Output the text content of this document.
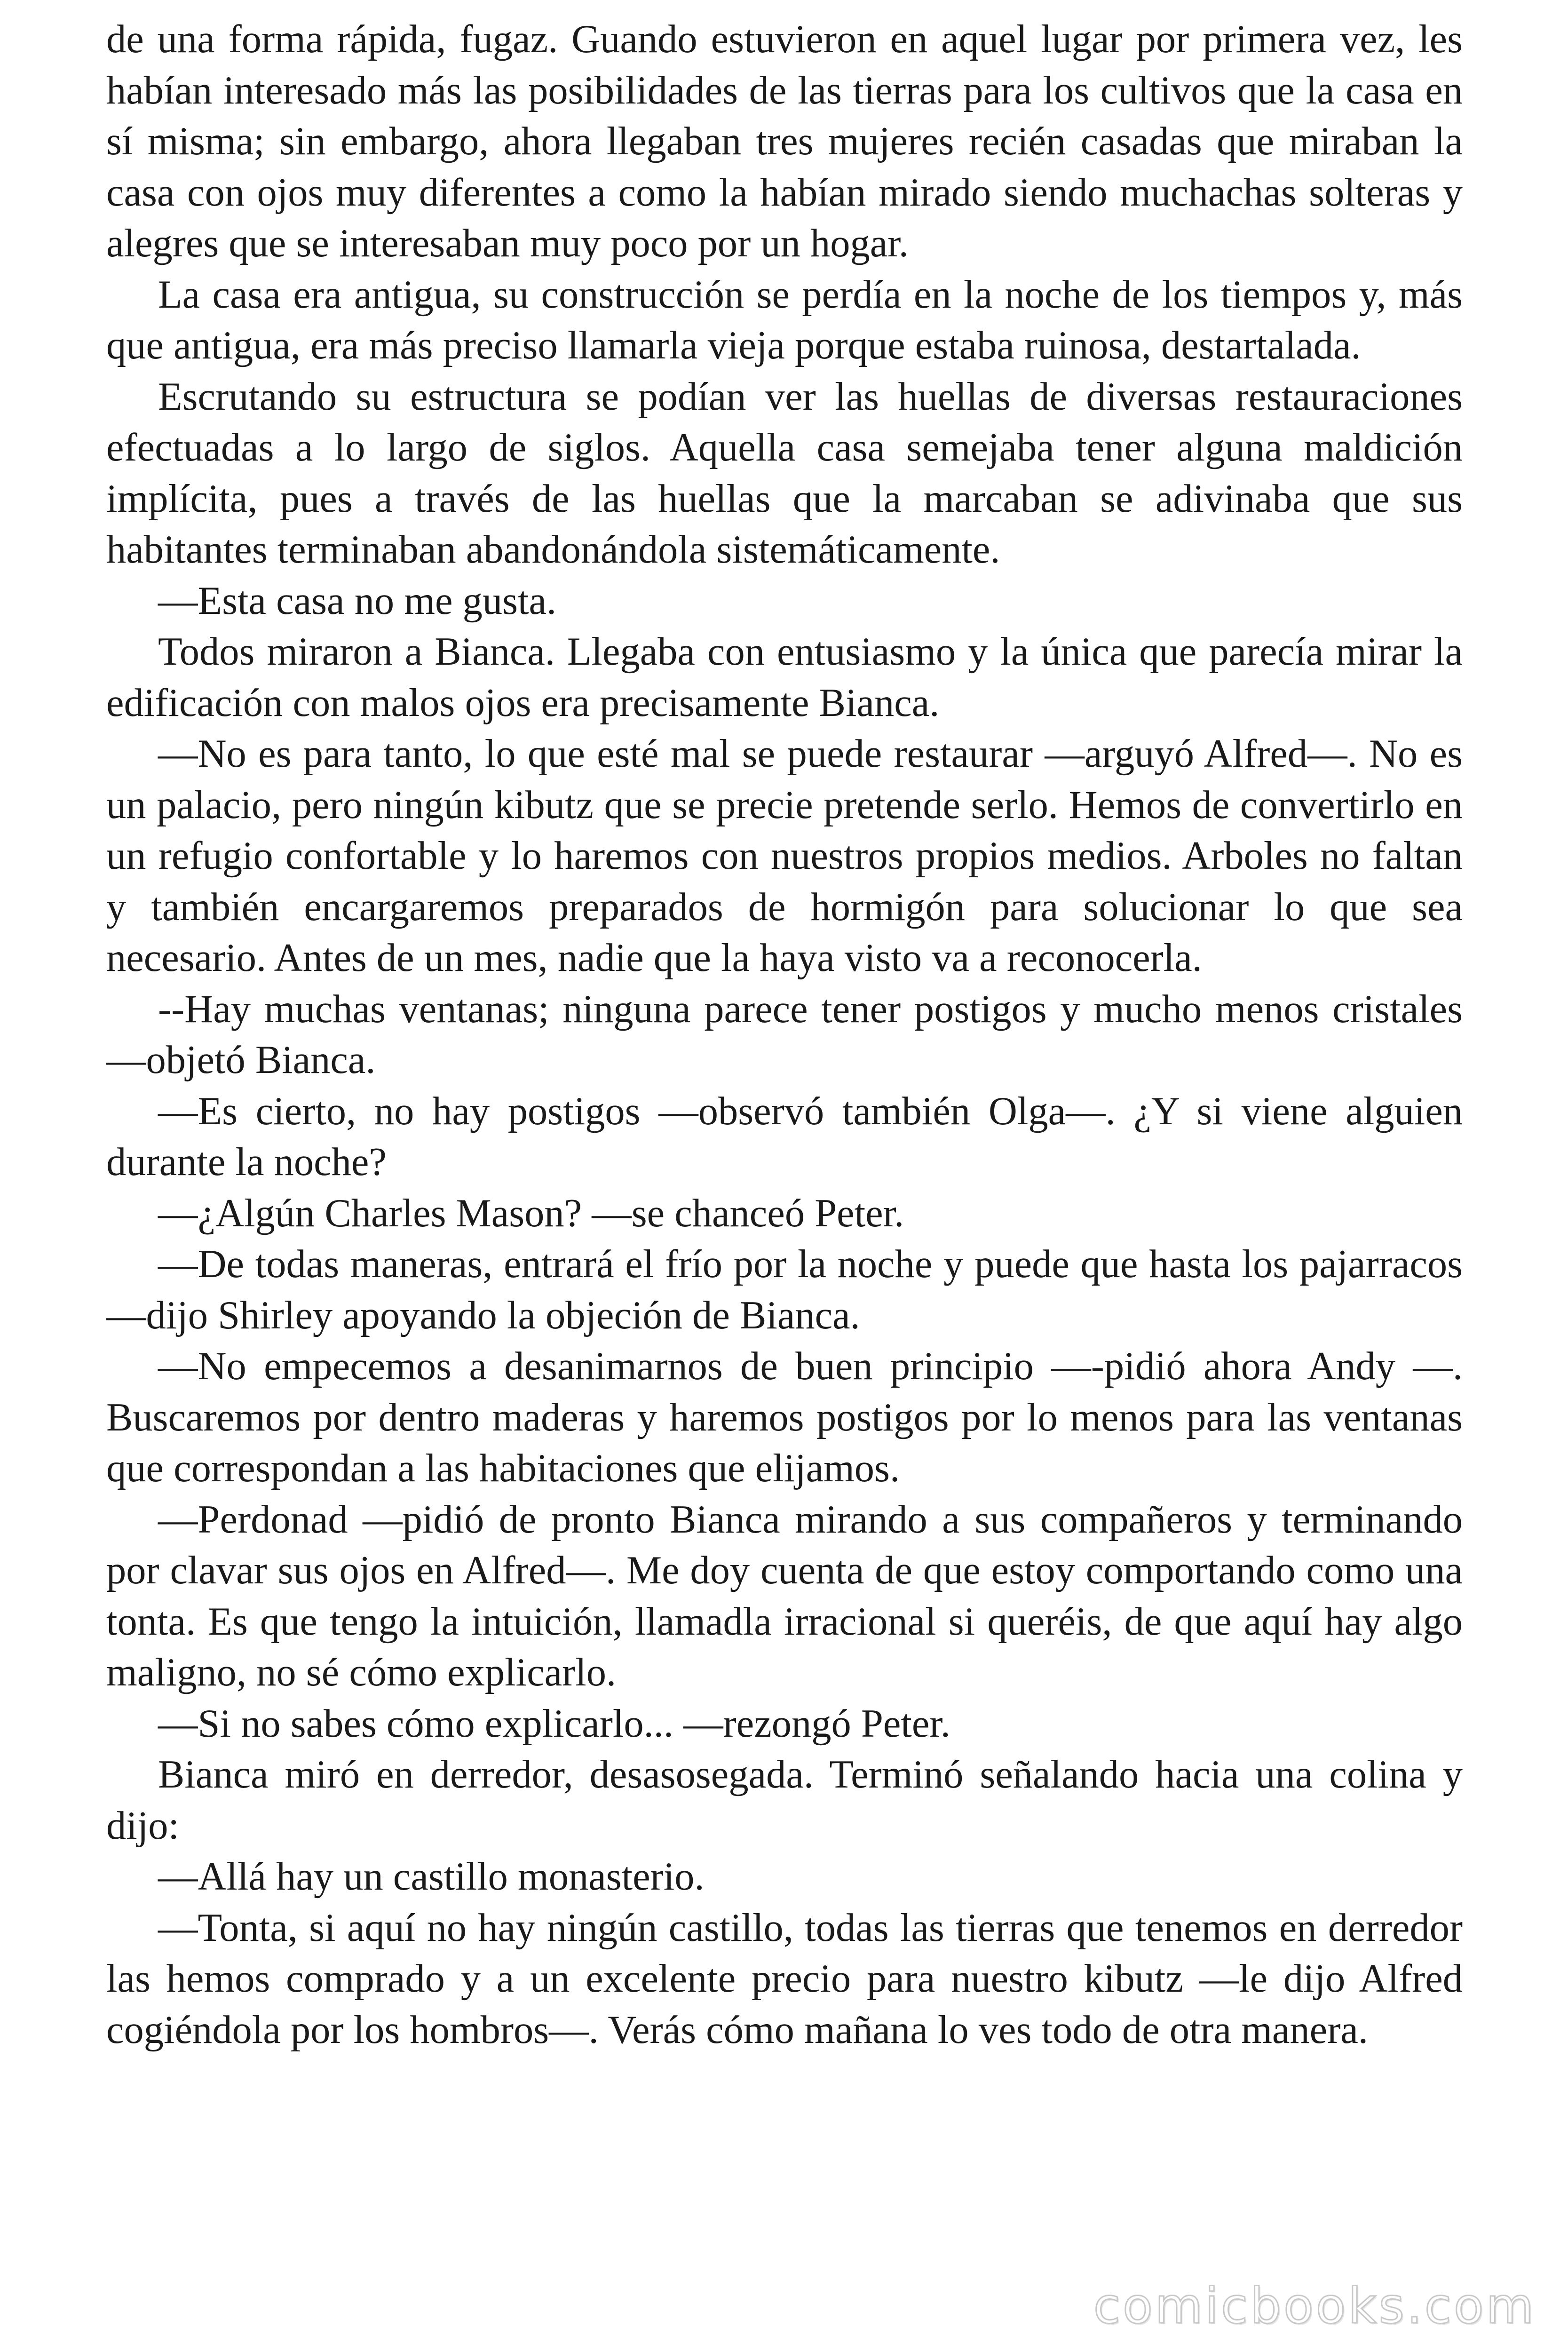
de una forma rápida, fugaz. Guando estuvieron en aquel lugar por primera vez, les habían interesado más las posibilidades de las tierras para los cultivos que la casa en sí misma; sin embargo, ahora llegaban tres mujeres recién casadas que miraban la casa con ojos muy diferentes a como la habían mirado siendo muchachas solteras y alegres que se interesaban muy poco por un hogar.

La casa era antigua, su construcción se perdía en la noche de los tiempos y, más que antigua, era más preciso llamarla vieja porque estaba ruinosa, destartalada.

Escrutando su estructura se podían ver las huellas de diversas restauraciones efectuadas a lo largo de siglos. Aquella casa semejaba tener alguna maldición implícita, pues a través de las huellas que la marcaban se adivinaba que sus habitantes terminaban abandonándola sistemáticamente.

—Esta casa no me gusta.

Todos miraron a Bianca. Llegaba con entusiasmo y la única que parecía mirar la edificación con malos ojos era precisamente Bianca.

—No es para tanto, lo que esté mal se puede restaurar —arguyó Alfred—. No es un palacio, pero ningún kibutz que se precie pretende serlo. Hemos de convertirlo en un refugio confortable y lo haremos con nuestros propios medios. Arboles no faltan y también encargaremos preparados de hormigón para solucionar lo que sea necesario. Antes de un mes, nadie que la haya visto va a reconocerla.

--Hay muchas ventanas; ninguna parece tener postigos y mucho menos cristales —objetó Bianca.

—Es cierto, no hay postigos —observó también Olga—. ¿Y si viene alguien durante la noche?

—¿Algún Charles Mason? —se chanceó Peter.

—De todas maneras, entrará el frío por la noche y puede que hasta los pajarracos —dijo Shirley apoyando la objeción de Bianca.

—No empecemos a desanimarnos de buen principio —-pidió ahora Andy —. Buscaremos por dentro maderas y haremos postigos por lo menos para las ventanas que correspondan a las habitaciones que elijamos.

—Perdonad —pidió de pronto Bianca mirando a sus compañeros y terminando por clavar sus ojos en Alfred—. Me doy cuenta de que estoy comportando como una tonta. Es que tengo la intuición, llamadla irracional si queréis, de que aquí hay algo maligno, no sé cómo explicarlo.

—Si no sabes cómo explicarlo... —rezongó Peter.

Bianca miró en derredor, desasosegada. Terminó señalando hacia una colina y dijo:

—Allá hay un castillo monasterio.

—Tonta, si aquí no hay ningún castillo, todas las tierras que tenemos en derredor las hemos comprado y a un excelente precio para nuestro kibutz —le dijo Alfred cogiéndola por los hombros—. Verás cómo mañana lo ves todo de otra manera.

comicbooks.com
